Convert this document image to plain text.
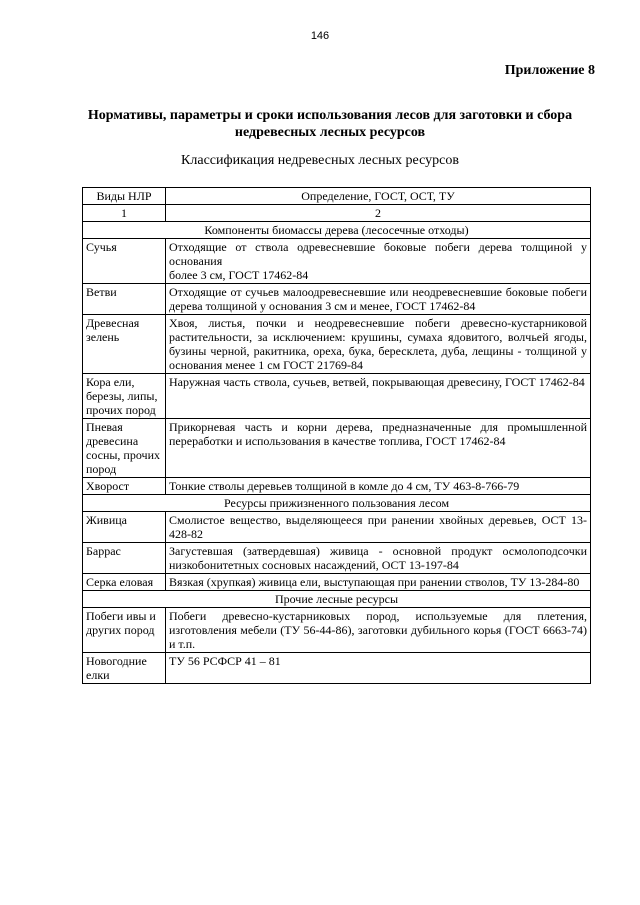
146
Приложение 8
Нормативы, параметры и сроки использования лесов для заготовки и сбора недревесных лесных ресурсов
Классификация недревесных лесных ресурсов
Виды НЛР	Определение, ГОСТ, ОСТ, ТУ
1	2
Компоненты биомассы дерева (лесосечные отходы)	
Сучья	Отходящие от ствола одревесневшие боковые побеги дерева толщиной у основания
более 3 см, ГОСТ 17462-84

Ветви	Отходящие от сучьев малоодревесневшие или неодревесневшие боковые побеги дерева толщиной у основания 3 см и менее, ГОСТ 17462-84

Древесная зелень	Хвоя, листья, почки и неодревесневшие побеги древесно-кустарниковой растительности, за исключением: крушины, сумаха ядовитого, волчьей ягоды, бузины черной, ракитника, ореха, бука, бересклета, дуба, лещины - толщиной у основания менее 1 см ГОСТ 21769-84

Кора ели, березы, липы, прочих пород	Наружная часть ствола, сучьев, ветвей, покрывающая древесину, ГОСТ 17462-84

Пневая древесина сосны, прочих пород	Прикорневая часть и корни дерева, предназначенные для промышленной переработки и использования в качестве топлива, ГОСТ 17462-84

Хворост	Тонкие стволы деревьев толщиной в комле до 4 см, ТУ 463-8-766-79

Ресурсы прижизненного пользования лесом	
Живица	Смолистое вещество, выделяющееся при ранении хвойных деревьев, ОСТ 13-428-82

Баррас	Загустевшая (затвердевшая) живица - основной продукт осмолоподсочки низкобонитетных сосновых насаждений, ОСТ 13-197-84

Серка еловая	Вязкая (хрупкая) живица ели, выступающая при ранении стволов, ТУ 13-284-80

Прочие лесные ресурсы	
Побеги ивы и других пород	Побеги древесно-кустарниковых пород, используемые для плетения, изготовления мебели (ТУ 56-44-86), заготовки дубильного корья (ГОСТ 6663-74) и т.п.

Новогодние елки	ТУ 56 РСФСР 41 – 81
